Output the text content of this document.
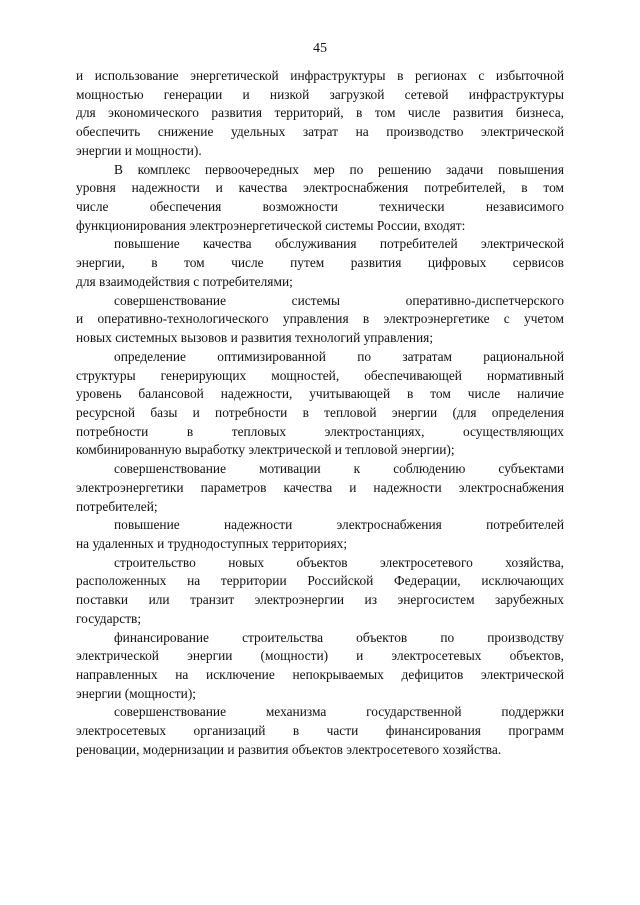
45
и использование энергетической инфраструктуры в регионах с избыточной
мощностью генерации и низкой загрузкой сетевой инфраструктуры
для экономического развития территорий, в том числе развития бизнеса,
обеспечить снижение удельных затрат на производство электрической
энергии и мощности).
В комплекс первоочередных мер по решению задачи повышения
уровня надежности и качества электроснабжения потребителей, в том
числе обеспечения возможности технически независимого
функционирования электроэнергетической системы России, входят:
повышение качества обслуживания потребителей электрической
энергии, в том числе путем развития цифровых сервисов
для взаимодействия с потребителями;
совершенствование системы оперативно-диспетчерского
и оперативно-технологического управления в электроэнергетике с учетом
новых системных вызовов и развития технологий управления;
определение оптимизированной по затратам рациональной
структуры генерирующих мощностей, обеспечивающей нормативный
уровень балансовой надежности, учитывающей в том числе наличие
ресурсной базы и потребности в тепловой энергии (для определения
потребности в тепловых электростанциях, осуществляющих
комбинированную выработку электрической и тепловой энергии);
совершенствование мотивации к соблюдению субъектами
электроэнергетики параметров качества и надежности электроснабжения
потребителей;
повышение надежности электроснабжения потребителей
на удаленных и труднодоступных территориях;
строительство новых объектов электросетевого хозяйства,
расположенных на территории Российской Федерации, исключающих
поставки или транзит электроэнергии из энергосистем зарубежных
государств;
финансирование строительства объектов по производству
электрической энергии (мощности) и электросетевых объектов,
направленных на исключение непокрываемых дефицитов электрической
энергии (мощности);
совершенствование механизма государственной поддержки
электросетевых организаций в части финансирования программ
реновации, модернизации и развития объектов электросетевого хозяйства.
